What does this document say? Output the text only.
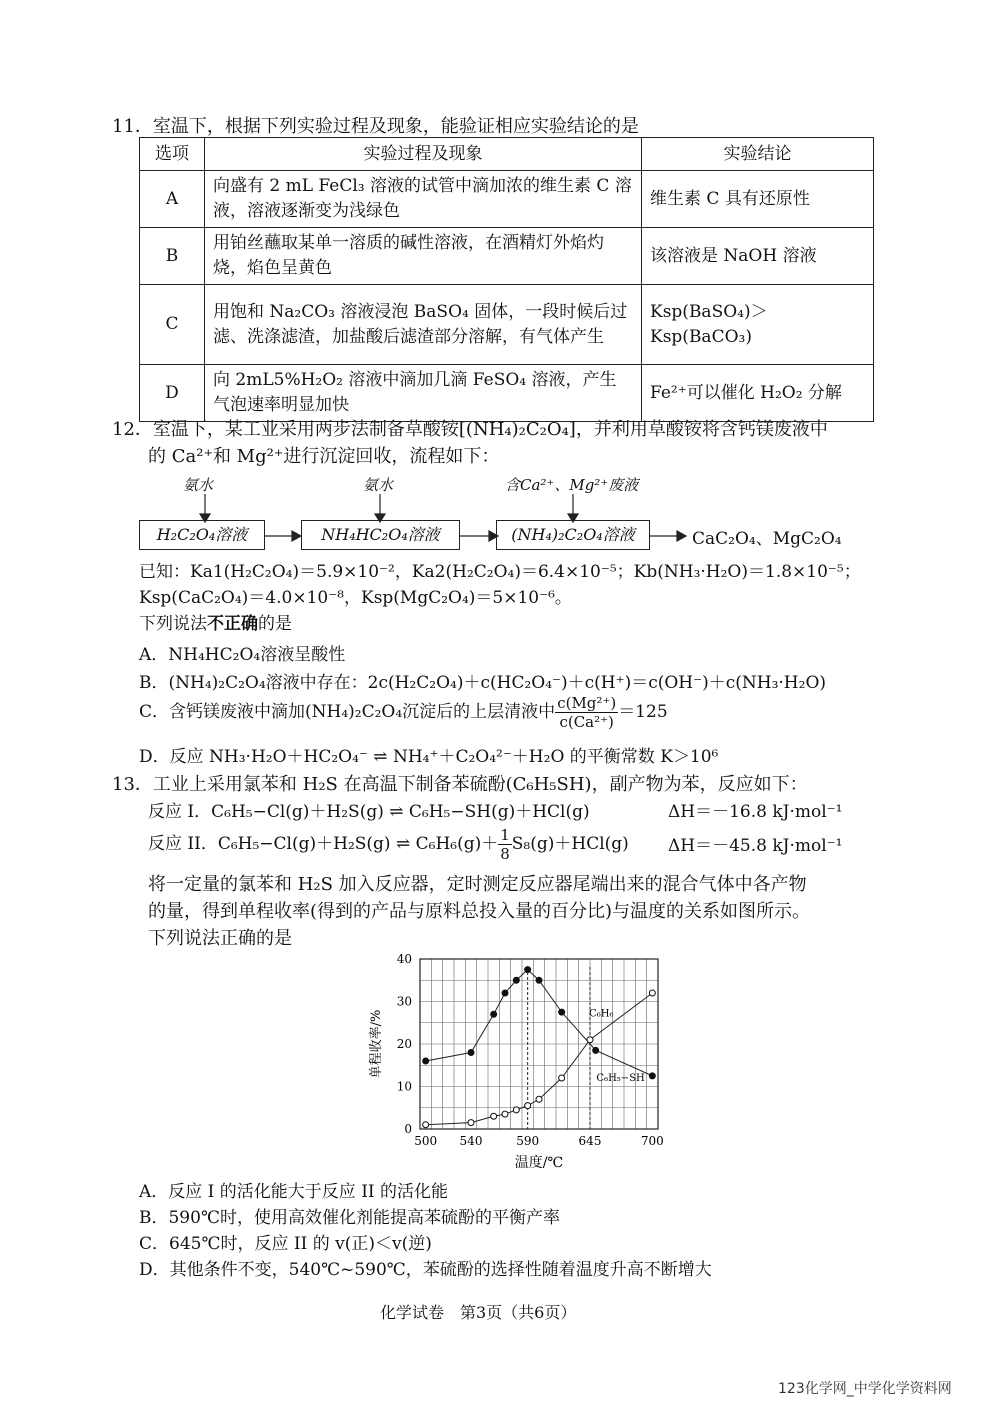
11．室温下，根据下列实验过程及现象，能验证相应实验结论的是
选项	实验过程及现象	实验结论
A	向盛有 2 mL FeCl₃ 溶液的试管中滴加浓的维生素 C 溶液，溶液逐渐变为浅绿色	维生素 C 具有还原性
B	用铂丝蘸取某单一溶质的碱性溶液，在酒精灯外焰灼烧，焰色呈黄色	该溶液是 NaOH 溶液
C	用饱和 Na₂CO₃ 溶液浸泡 BaSO₄ 固体，一段时候后过滤、洗涤滤渣，加盐酸后滤渣部分溶解，有气体产生	Ksp(BaSO₄)＞Ksp(BaCO₃)
D	向 2mL5%H₂O₂ 溶液中滴加几滴 FeSO₄ 溶液，产生气泡速率明显加快	Fe²⁺可以催化 H₂O₂ 分解
12．室温下，某工业采用两步法制备草酸铵[(NH₄)₂C₂O₄]，并利用草酸铵将含钙镁废液中
的 Ca²⁺和 Mg²⁺进行沉淀回收，流程如下：
氨水	氨水	含Ca²⁺、Mg²⁺废液
H₂C₂O₄溶液	NH₄HC₂O₄溶液	(NH₄)₂C₂O₄溶液	CaC₂O₄、MgC₂O₄
已知：Ka1(H₂C₂O₄)＝5.9×10⁻²，Ka2(H₂C₂O₄)＝6.4×10⁻⁵；Kb(NH₃·H₂O)＝1.8×10⁻⁵；
Ksp(CaC₂O₄)＝4.0×10⁻⁸，Ksp(MgC₂O₄)＝5×10⁻⁶。
下列说法不正确的是
A．NH₄HC₂O₄溶液呈酸性
B．(NH₄)₂C₂O₄溶液中存在：2c(H₂C₂O₄)＋c(HC₂O₄⁻)＋c(H⁺)＝c(OH⁻)＋c(NH₃·H₂O)
C．含钙镁废液中滴加(NH₄)₂C₂O₄沉淀后的上层清液中 $\frac{\text{c(Mg²⁺)}}{\text{c(Ca²⁺)}} =125$
D．反应 NH₃·H₂O＋HC₂O₄⁻ ⇌ NH₄⁺＋C₂O₄²⁻＋H₂O 的平衡常数 K＞10⁶
13．工业上采用氯苯和 H₂S 在高温下制备苯硫酚(C₆H₅SH)，副产物为苯，反应如下：
反应 I．C₆H₅−Cl(g)＋H₂S(g) ⇌ C₆H₅−SH(g)＋HCl(g)	ΔH＝－16.8 kJ·mol⁻¹
反应 II．C₆H₅−Cl(g)＋H₂S(g) ⇌ $C_6H_6(g)+ \frac{1}{8} S_8(g)+HCl(g)$ ΔH＝－45.8 kJ·mol⁻¹
将一定量的氯苯和 H₂S 加入反应器，定时测定反应器尾端出来的混合气体中各产物
的量，得到单程收率(得到的产品与原料总投入量的百分比)与温度的关系如图所示。
下列说法正确的是
500 540	590	645	700
0
10
20
30
40
温度/℃
单程收率/%
C₆H₅−SH
C₆H₆
A．反应 I 的活化能大于反应 II 的活化能
B．590℃时，使用高效催化剂能提高苯硫酚的平衡产率
C．645℃时，反应 II 的 v(正)＜v(逆)
D．其他条件不变，540℃~590℃，苯硫酚的选择性随着温度升高不断增大
化学试卷　第3页（共6页）
123化学网_中学化学资料网
